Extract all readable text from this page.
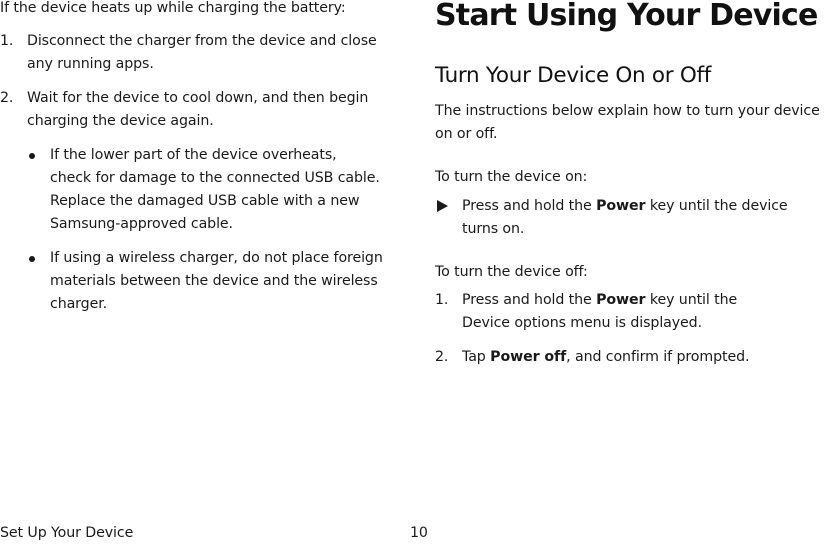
If the device heats up while charging the battery:
1. Disconnect the charger from the device and close
any running apps.
2. Wait for the device to cool down, and then begin
charging the device again.
If the lower part of the device overheats,
check for damage to the connected USB cable.
Replace the damaged USB cable with a new
Samsung-approved cable.
If using a wireless charger, do not place foreign
materials between the device and the wireless
charger.
Start Using Your Device
Turn Your Device On or Off
The instructions below explain how to turn your device
on or off.
To turn the device on:
Press and hold the Power key until the device
turns on.
To turn the device off:
1. Press and hold the Power key until the
Device options menu is displayed.
2. Tap Power off, and confirm if prompted.
Set Up Your Device	10
